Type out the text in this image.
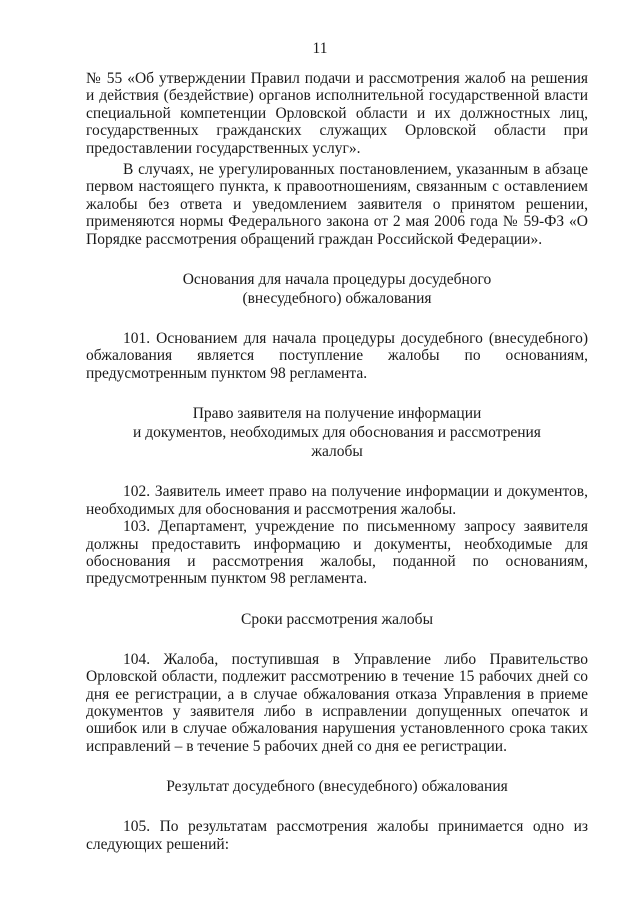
11

№ 55 «Об утверждении Правил подачи и рассмотрения жалоб на решения и действия (бездействие) органов исполнительной государственной власти специальной компетенции Орловской области и их должностных лиц, государственных гражданских служащих Орловской области при предоставлении государственных услуг».

В случаях, не урегулированных постановлением, указанным в абзаце первом настоящего пункта, к правоотношениям, связанным с оставлением жалобы без ответа и уведомлением заявителя о принятом решении, применяются нормы Федерального закона от 2 мая 2006 года № 59-ФЗ «О Порядке рассмотрения обращений граждан Российской Федерации».

Основания для начала процедуры досудебного
(внесудебного) обжалования

101. Основанием для начала процедуры досудебного (внесудебного) обжалования является поступление жалобы по основаниям, предусмотренным пунктом 98 регламента.

Право заявителя на получение информации
и документов, необходимых для обоснования и рассмотрения
жалобы

102. Заявитель имеет право на получение информации и документов, необходимых для обоснования и рассмотрения жалобы.

103. Департамент, учреждение по письменному запросу заявителя должны предоставить информацию и документы, необходимые для обоснования и рассмотрения жалобы, поданной по основаниям, предусмотренным пунктом 98 регламента.

Сроки рассмотрения жалобы

104. Жалоба, поступившая в Управление либо Правительство Орловской области, подлежит рассмотрению в течение 15 рабочих дней со дня ее регистрации, а в случае обжалования отказа Управления в приеме документов у заявителя либо в исправлении допущенных опечаток и ошибок или в случае обжалования нарушения установленного срока таких исправлений – в течение 5 рабочих дней со дня ее регистрации.

Результат досудебного (внесудебного) обжалования

105. По результатам рассмотрения жалобы принимается одно из следующих решений:
